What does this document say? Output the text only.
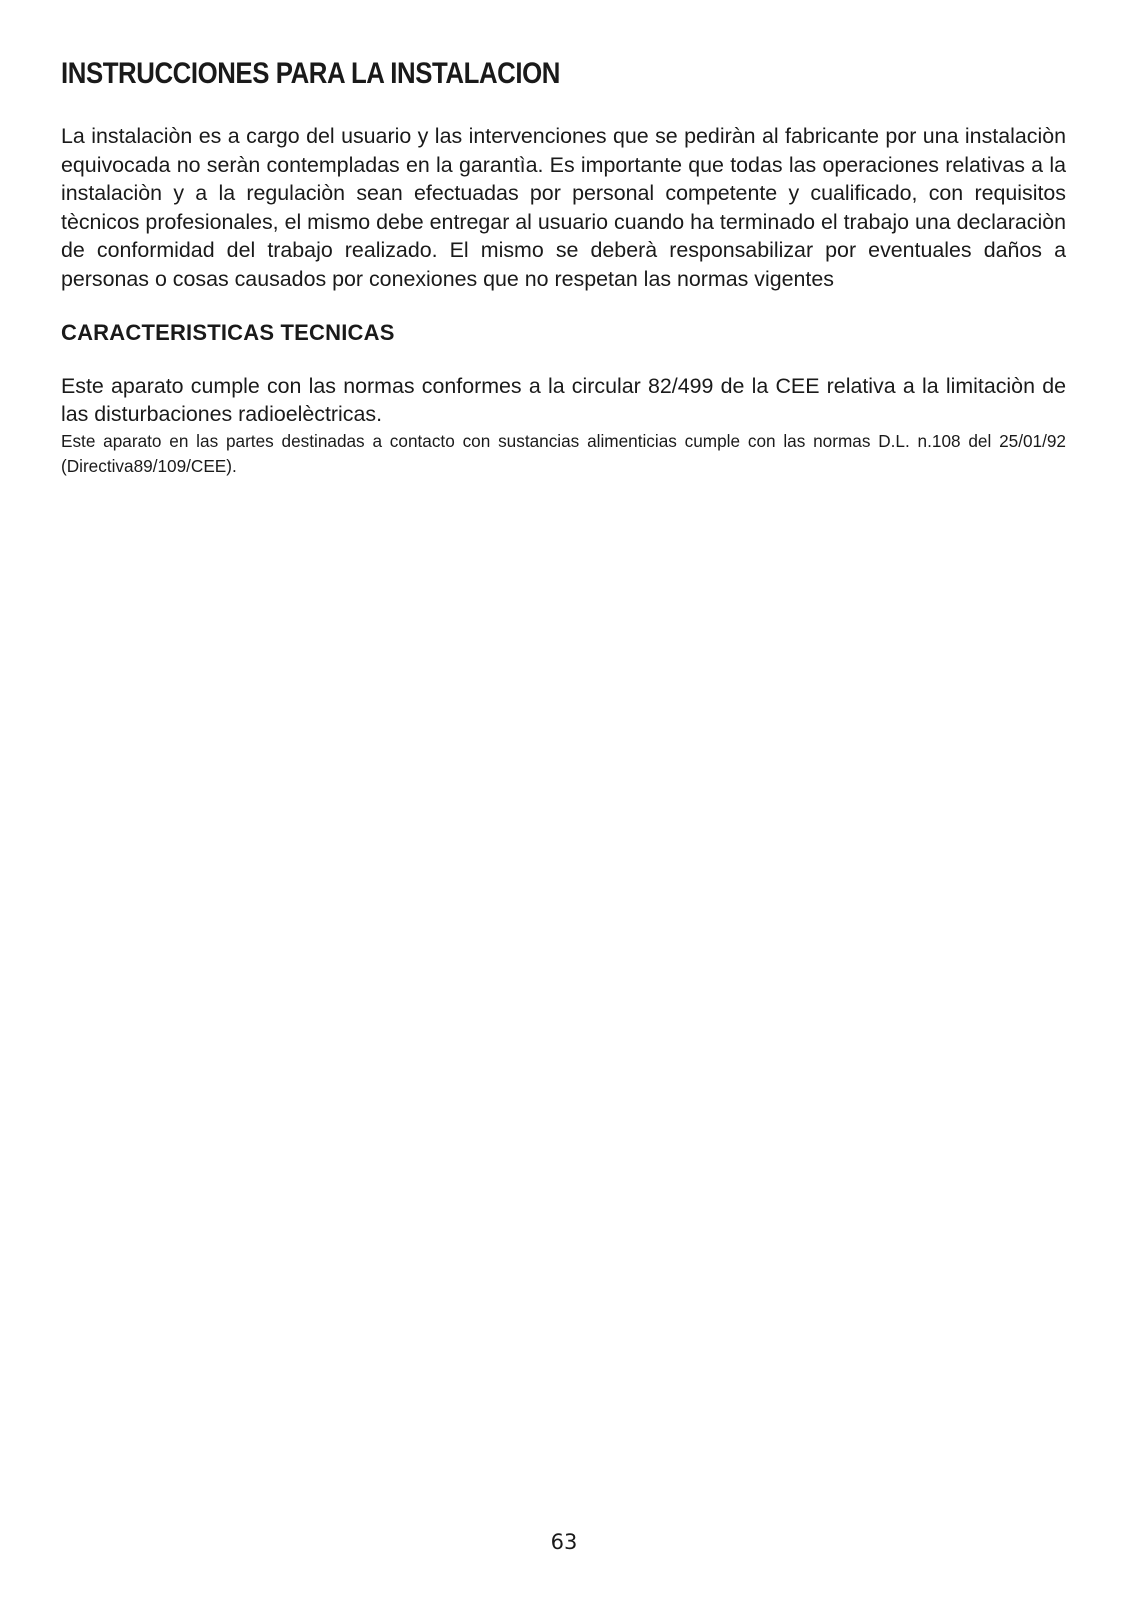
INSTRUCCIONES PARA LA INSTALACION

La instalaciòn es a cargo del usuario y las intervenciones que se pediràn al fabricante por una instalaciòn equivocada no seràn contempladas en la garantìa. Es importante que todas las operaciones relativas a la instalaciòn y a la regulaciòn sean efectuadas por personal competente y cualificado, con requisitos tècnicos profesionales, el mismo debe entregar al usuario cuando ha terminado el trabajo una declaraciòn de conformidad del trabajo realizado. El mismo se deberà responsabilizar por eventuales daños a personas o cosas causados por conexiones que no respetan las normas vigentes

CARACTERISTICAS TECNICAS

Este aparato cumple con las normas conformes a la circular 82/499 de la CEE relativa a la limitaciòn de las disturbaciones radioelèctricas.

Este aparato en las partes destinadas a contacto con sustancias alimenticias cumple con las normas D.L. n.108 del 25/01/92 (Directiva89/109/CEE).

63
